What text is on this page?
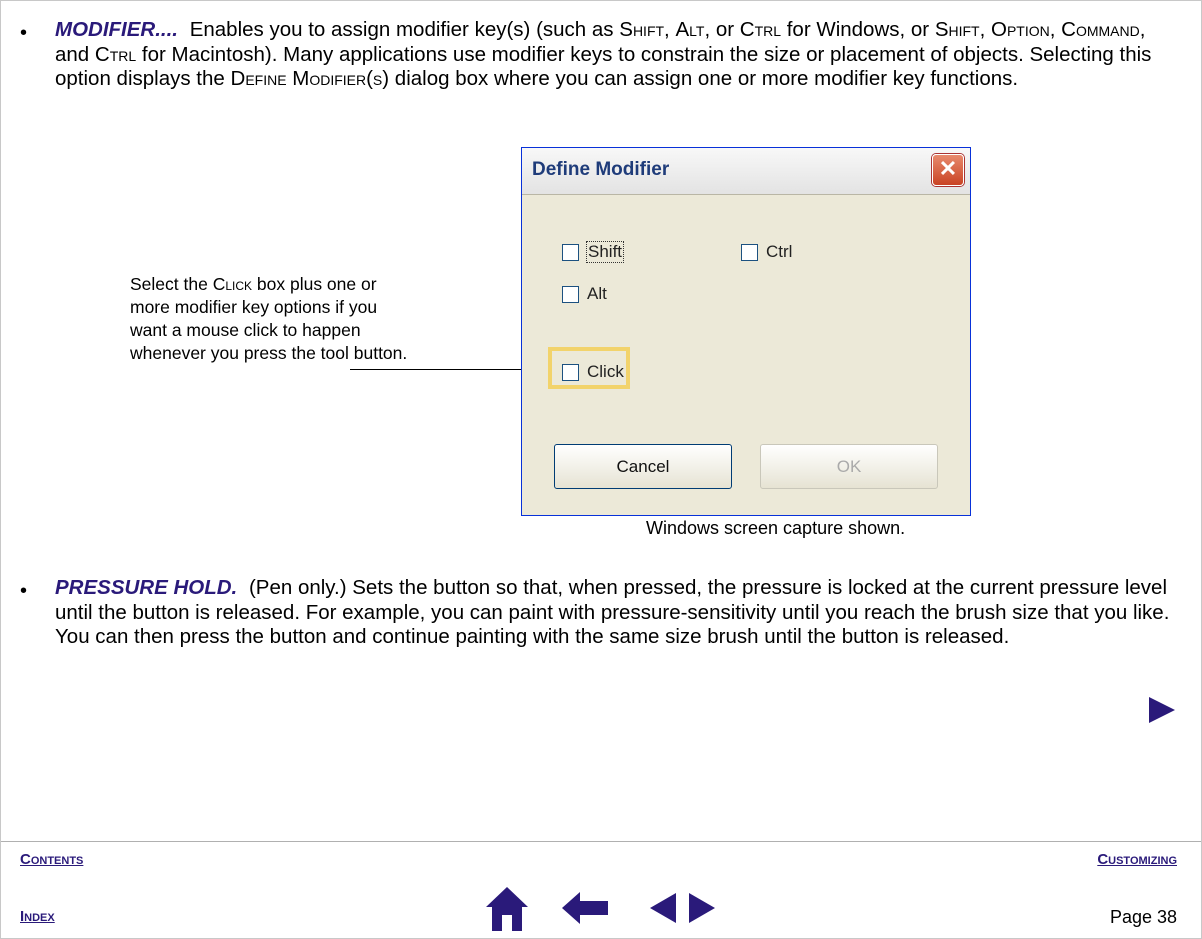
• MODIFIER.... Enables you to assign modifier key(s) (such as Shift, Alt, or Ctrl for Windows, or Shift, Option, Command, and Ctrl for Macintosh). Many applications use modifier keys to constrain the size or placement of objects. Selecting this option displays the Define Modifier(s) dialog box where you can assign one or more modifier key functions.
Select the Click box plus one or more modifier key options if you want a mouse click to happen whenever you press the tool button.
Define Modifier	✕
Shift	Ctrl
Alt
Click
Cancel	OK
Windows screen capture shown.
• PRESSURE HOLD. (Pen only.) Sets the button so that, when pressed, the pressure is locked at the current pressure level until the button is released. For example, you can paint with pressure-sensitivity until you reach the brush size that you like. You can then press the button and continue painting with the same size brush until the button is released.
Contents	Customizing
Index	Page 38
